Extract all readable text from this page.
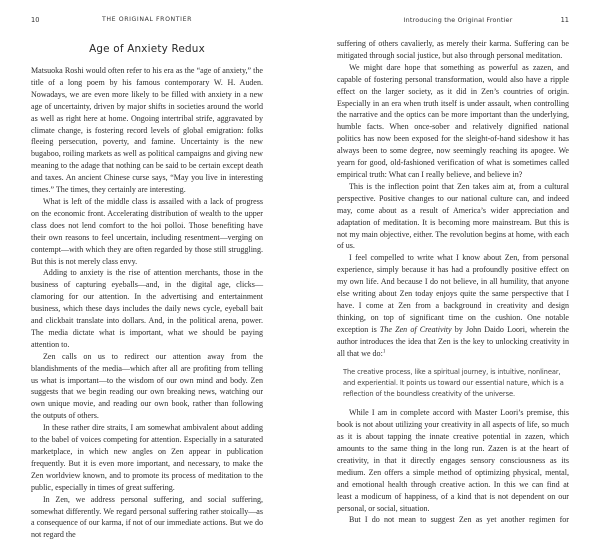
10	THE ORIGINAL FRONTIER
Age of Anxiety Redux

Matsuoka Roshi would often refer to his era as the “age of anxiety,” the title of a long poem by his famous contemporary W. H. Auden. Nowadays, we are even more likely to be filled with anxiety in a new age of uncertainty, driven by major shifts in societies around the world as well as right here at home. Ongoing intertribal strife, aggravated by climate change, is fostering record levels of global emigration: folks fleeing persecution, poverty, and famine. Uncertainty is the new bugaboo, roiling markets as well as political campaigns and giving new meaning to the adage that nothing can be said to be certain except death and taxes. An ancient Chinese curse says, “May you live in interesting times.” The times, they certainly are interesting.

What is left of the middle class is assailed with a lack of progress on the economic front. Accelerating distribution of wealth to the upper class does not lend comfort to the hoi polloi. Those benefiting have their own reasons to feel uncertain, including resentment—verging on contempt—with which they are often regarded by those still struggling. But this is not merely class envy.

Adding to anxiety is the rise of attention merchants, those in the business of capturing eyeballs—and, in the digital age, clicks—clamoring for our attention. In the advertising and entertainment business, which these days includes the daily news cycle, eyeball bait and clickbait translate into dollars. And, in the political arena, power. The media dictate what is important, what we should be paying attention to.

Zen calls on us to redirect our attention away from the blandishments of the media—which after all are profiting from telling us what is important—to the wisdom of our own mind and body. Zen suggests that we begin reading our own breaking news, watching our own unique movie, and reading our own book, rather than following the outputs of others.

In these rather dire straits, I am somewhat ambivalent about adding to the babel of voices competing for attention. Especially in a saturated marketplace, in which new angles on Zen appear in publication frequently. But it is even more important, and necessary, to make the Zen worldview known, and to promote its process of meditation to the public, especially in times of great suffering.

In Zen, we address personal suffering, and social suffering, somewhat differently. We regard personal suffering rather stoically—as a consequence of our karma, if not of our immediate actions. But we do not regard the

Introducing the Original Frontier	11

suffering of others cavalierly, as merely their karma. Suffering can be mitigated through social justice, but also through personal meditation.

We might dare hope that something as powerful as zazen, and capable of fostering personal transformation, would also have a ripple effect on the larger society, as it did in Zen’s countries of origin. Especially in an era when truth itself is under assault, when controlling the narrative and the optics can be more important than the underlying, humble facts. When once-sober and relatively dignified national politics has now been exposed for the sleight-of-hand sideshow it has always been to some degree, now seemingly reaching its apogee. We yearn for good, old-fashioned verification of what is sometimes called empirical truth: What can I really believe, and believe in?

This is the inflection point that Zen takes aim at, from a cultural perspective. Positive changes to our national culture can, and indeed may, come about as a result of America’s wider appreciation and adaptation of meditation. It is becoming more mainstream. But this is not my main objective, either. The revolution begins at home, with each of us.

I feel compelled to write what I know about Zen, from personal experience, simply because it has had a profoundly positive effect on my own life. And because I do not believe, in all humility, that anyone else writing about Zen today enjoys quite the same perspective that I have. I come at Zen from a background in creativity and design thinking, on top of significant time on the cushion. One notable exception is The Zen of Creativity by John Daido Loori, wherein the author introduces the idea that Zen is the key to unlocking creativity in all that we do:$^1$

The creative process, like a spiritual journey, is intuitive, nonlinear, and experiential. It points us toward our essential nature, which is a reflection of the boundless creativity of the universe.

While I am in complete accord with Master Loori’s premise, this book is not about utilizing your creativity in all aspects of life, so much as it is about tapping the innate creative potential in zazen, which amounts to the same thing in the long run. Zazen is at the heart of creativity, in that it directly engages sensory consciousness as its medium. Zen offers a simple method of optimizing physical, mental, and emotional health through creative action. In this we can find at least a modicum of happiness, of a kind that is not dependent on our personal, or social, situation.

But I do not mean to suggest Zen as yet another regimen for
